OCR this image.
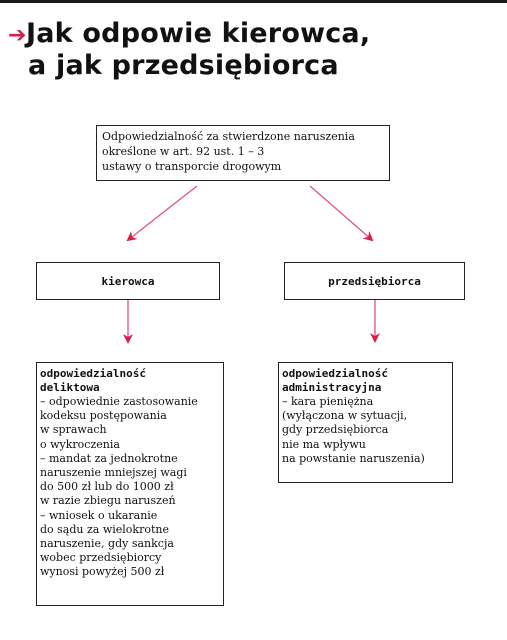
➔ Jak odpowie kierowca,
a jak przedsiębiorca
Odpowiedzialność za stwierdzone naruszenia
określone w art. 92 ust. 1 – 3
ustawy o transporcie drogowym
kierowca	przedsiębiorca
odpowiedzialność
deliktowa
– odpowiednie zastosowanie
kodeksu postępowania
w sprawach
o wykroczenia
– mandat za jednokrotne
naruszenie mniejszej wagi
do 500 zł lub do 1000 zł
w razie zbiegu naruszeń
– wniosek o ukaranie
do sądu za wielokrotne
naruszenie, gdy sankcja
wobec przedsiębiorcy
wynosi powyżej 500 zł
odpowiedzialność
administracyjna
– kara pieniężna
(wyłączona w sytuacji,
gdy przedsiębiorca
nie ma wpływu
na powstanie naruszenia)
